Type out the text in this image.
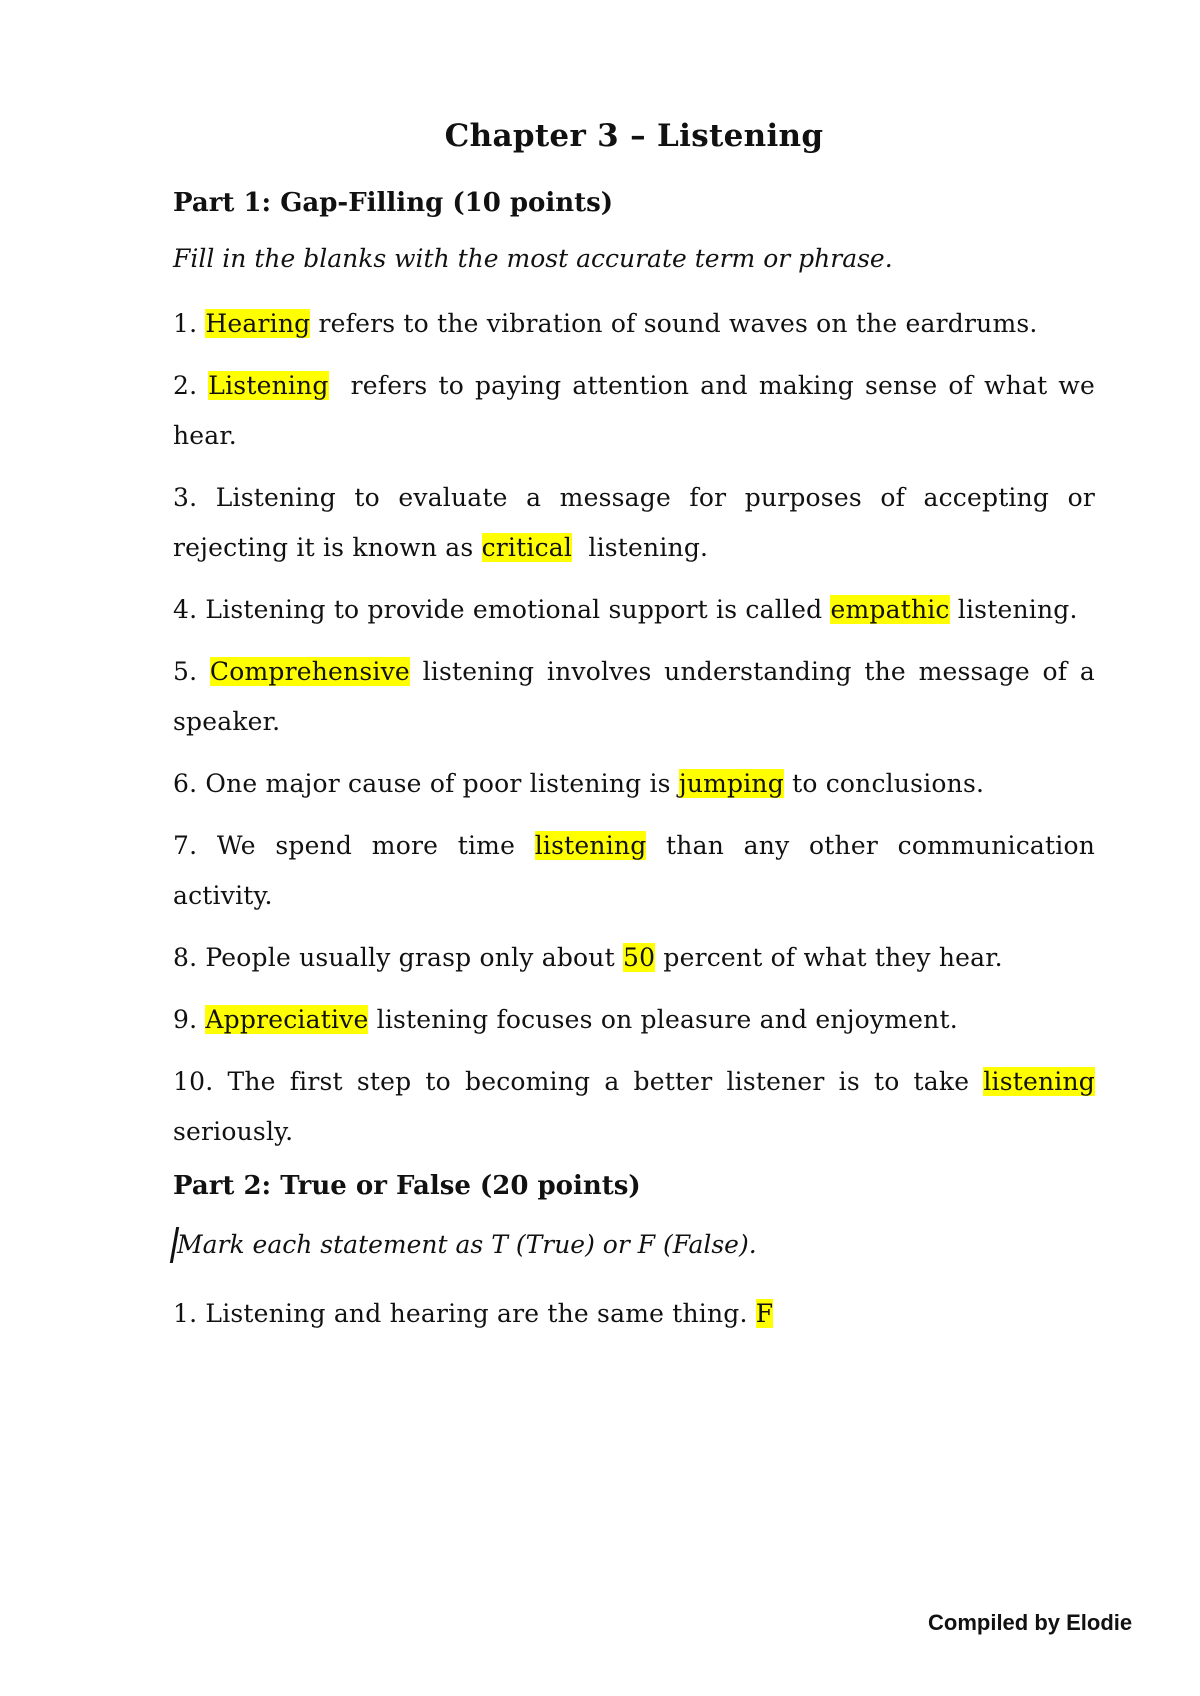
Chapter 3 – Listening
Part 1: Gap-Filling (10 points)
Fill in the blanks with the most accurate term or phrase.

1. Hearing refers to the vibration of sound waves on the eardrums.

2. Listening  refers to paying attention and making sense of what we hear.

3. Listening to evaluate a message for purposes of accepting or rejecting it is known as critical  listening.

4. Listening to provide emotional support is called empathic listening.

5. Comprehensive listening involves understanding the message of a speaker.

6. One major cause of poor listening is jumping to conclusions.

7. We spend more time listening than any other communication activity.

8. People usually grasp only about 50 percent of what they hear.

9. Appreciative listening focuses on pleasure and enjoyment.

10. The first step to becoming a better listener is to take listening seriously.

Part 2: True or False (20 points)
Mark each statement as T (True) or F (False).

1. Listening and hearing are the same thing. F

Compiled by Elodie
